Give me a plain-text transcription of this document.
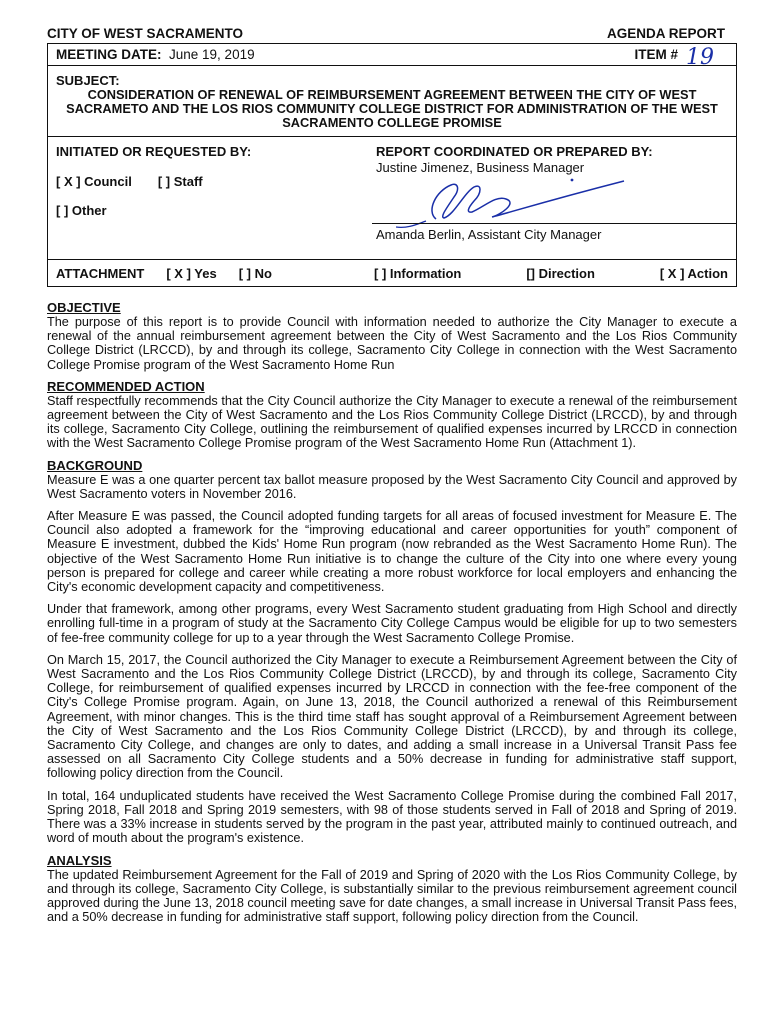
CITY OF WEST SACRAMENTO	AGENDA REPORT
MEETING DATE: June 19, 2019	ITEM # 19
SUBJECT:
CONSIDERATION OF RENEWAL OF REIMBURSEMENT AGREEMENT BETWEEN THE CITY OF WEST SACRAMETO AND THE LOS RIOS COMMUNITY COLLEGE DISTRICT FOR ADMINISTRATION OF THE WEST SACRAMENTO COLLEGE PROMISE
INITIATED OR REQUESTED BY:
[ X ] Council [ ] Staff
[ ] Other
REPORT COORDINATED OR PREPARED BY:
Justine Jimenez, Business Manager
Amanda Berlin, Assistant City Manager
ATTACHMENT [ X ] Yes [ ] No	[ ] Information	[] Direction	[ X ] Action
OBJECTIVE

The purpose of this report is to provide Council with information needed to authorize the City Manager to execute a renewal of the annual reimbursement agreement between the City of West Sacramento and the Los Rios Community College District (LRCCD), by and through its college, Sacramento City College in connection with the West Sacramento College Promise program of the West Sacramento Home Run

RECOMMENDED ACTION

Staff respectfully recommends that the City Council authorize the City Manager to execute a renewal of the reimbursement agreement between the City of West Sacramento and the Los Rios Community College District (LRCCD), by and through its college, Sacramento City College, outlining the reimbursement of qualified expenses incurred by LRCCD in connection with the West Sacramento College Promise program of the West Sacramento Home Run (Attachment 1).

BACKGROUND

Measure E was a one quarter percent tax ballot measure proposed by the West Sacramento City Council and approved by West Sacramento voters in November 2016.

After Measure E was passed, the Council adopted funding targets for all areas of focused investment for Measure E. The Council also adopted a framework for the “improving educational and career opportunities for youth” component of Measure E investment, dubbed the Kids' Home Run program (now rebranded as the West Sacramento Home Run). The objective of the West Sacramento Home Run initiative is to change the culture of the City into one where every young person is prepared for college and career while creating a more robust workforce for local employers and enhancing the City's economic development capacity and competitiveness.

Under that framework, among other programs, every West Sacramento student graduating from High School and directly enrolling full-time in a program of study at the Sacramento City College Campus would be eligible for up to two semesters of fee-free community college for up to a year through the West Sacramento College Promise.

On March 15, 2017, the Council authorized the City Manager to execute a Reimbursement Agreement between the City of West Sacramento and the Los Rios Community College District (LRCCD), by and through its college, Sacramento City College, for reimbursement of qualified expenses incurred by LRCCD in connection with the fee-free component of the City's College Promise program. Again, on June 13, 2018, the Council authorized a renewal of this Reimbursement Agreement, with minor changes. This is the third time staff has sought approval of a Reimbursement Agreement between the City of West Sacramento and the Los Rios Community College District (LRCCD), by and through its college, Sacramento City College, and changes are only to dates, and adding a small increase in a Universal Transit Pass fee assessed on all Sacramento City College students and a 50% decrease in funding for administrative staff support, following policy direction from the Council.

In total, 164 unduplicated students have received the West Sacramento College Promise during the combined Fall 2017, Spring 2018, Fall 2018 and Spring 2019 semesters, with 98 of those students served in Fall of 2018 and Spring of 2019. There was a 33% increase in students served by the program in the past year, attributed mainly to continued outreach, and word of mouth about the program's existence.

ANALYSIS

The updated Reimbursement Agreement for the Fall of 2019 and Spring of 2020 with the Los Rios Community College, by and through its college, Sacramento City College, is substantially similar to the previous reimbursement agreement council approved during the June 13, 2018 council meeting save for date changes, a small increase in Universal Transit Pass fees, and a 50% decrease in funding for administrative staff support, following policy direction from the Council.
